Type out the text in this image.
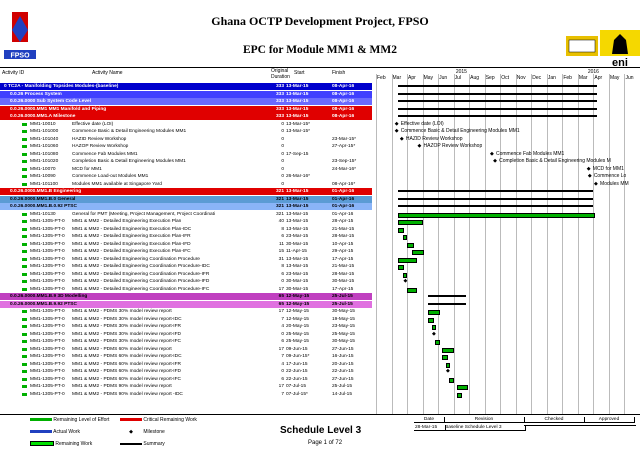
FPSO
Ghana OCTP Development Project, FPSO
EPC for Module MM1 & MM2
eni
Activity ID	Activity Name	Original Duration
Start	Finish	2015	2016
Feb Mar Apr May Jun Jul Aug Sep Oct Nov Dec Jan Feb Mar Apr May Jun
0 TC2A - Manifolding Topsides Modules-(baseline)	333 13-Mar-15	08-Apr-16
0.0.26 Process System	333 13-Mar-15	08-Apr-16
0.0.26.0000 Sub System Code Level	333 13-Mar-15	08-Apr-16
0.0.26.0000.MM1 MM1 Manifold and Piping	333 13-Mar-15	08-Apr-16
0.0.26.0000.MM1.A Milestone	333 13-Mar-15	08-Apr-16
MM1-10010	Effective date (LOI)	0 13-Mar-15*
MM1-101000	Commence Basic & Detail Engineering Modules MM1	0 13-Mar-15*
MM1-101040	HAZID Review Workshop	0	23-Mar-15*
MM1-101060	HAZOP Review Workshop	0	27-Apr-15*
MM1-101080	Commence Fab Modules MM1	0 17-Sep-15
MM1-101020	Completion Basic & Detail Engineering Modules MM1	0	23-Sep-15*
MM1-10070	MCD for MM1	0	24-Mar-16*
MM1-10090	Commence Load-out Modules MM1	0 26-Mar-16*
MM1-101100	Modules MM1 available at Singapore Yard	0	08-Apr-16*
0.0.26.0000.MM1.B Engineering	321 13-Mar-15	01-Apr-16
0.0.26.0000.MM1.B.0 General	321 13-Mar-15	01-Apr-16
0.0.26.0000.MM1.B.0.92 PTSC	321 13-Mar-15	01-Apr-16
MM1-10130	General for PMT (Meeting, Project Management, Project Coordinati	321 13-Mar-15	01-Apr-16
MM1-1305-PT-0	MM1 & MM2 - Detailed Engineering Execution Plan	40 13-Mar-15	28-Apr-15
MM1-1305-PT-0	MM1 & MM2 - Detailed Engineering Execution Plan-IDC	8 13-Mar-15	21-Mar-15
MM1-1305-PT-0	MM1 & MM2 - Detailed Engineering Execution Plan-IFR	6 23-Mar-15	28-Mar-15
MM1-1305-PT-0	MM1 & MM2 - Detailed Engineering Execution Plan-IFD	11 30-Mar-15	10-Apr-15
MM1-1305-PT-0	MM1 & MM2 - Detailed Engineering Execution Plan-IFC	15 11-Apr-15	29-Apr-15
MM1-1305-PT-0	MM1 & MM2 - Detailed Engineering Coordination Procedure	31 13-Mar-15	17-Apr-15
MM1-1305-PT-0	MM1 & MM2 - Detailed Engineering Coordination Procedure-IDC	8 13-Mar-15	21-Mar-15
MM1-1305-PT-0	MM1 & MM2 - Detailed Engineering Coordination Procedure-IFR	6 23-Mar-15	28-Mar-15
MM1-1305-PT-0	MM1 & MM2 - Detailed Engineering Coordination Procedure-IFD	0 30-Mar-15	30-Mar-15
MM1-1305-PT-0	MM1 & MM2 - Detailed Engineering Coordination Procedure-IFC	17 30-Mar-15	17-Apr-15
0.0.26.0000.MM1.B.9 3D Modelling	65 12-May-15	25-Jul-15
0.0.26.0000.MM1.B.9.92 PTSC	65 12-May-15	25-Jul-15
MM1-1305-PT-0	MM1 & MM2 - PDMS 30% model review report	17 12-May-15	30-May-15
MM1-1305-PT-0	MM1 & MM2 - PDMS 30% model review report-IDC	7 12-May-15	19-May-15
MM1-1305-PT-0	MM1 & MM2 - PDMS 30% model review report-IFR	4 20-May-15	23-May-15
MM1-1305-PT-0	MM1 & MM2 - PDMS 30% model review report-IFD	0 25-May-15	25-May-15
MM1-1305-PT-0	MM1 & MM2 - PDMS 30% model review report-IFC	6 25-May-15	30-May-15
MM1-1305-PT-0	MM1 & MM2 - PDMS 60% model review report	17 09-Jun-15	27-Jun-15
MM1-1305-PT-0	MM1 & MM2 - PDMS 60% model review report-IDC	7 09-Jun-15*	16-Jun-15
MM1-1305-PT-0	MM1 & MM2 - PDMS 60% model review report-IFR	4 17-Jun-15	20-Jun-15
MM1-1305-PT-0	MM1 & MM2 - PDMS 60% model review report-IFD	0 22-Jun-15	22-Jun-15
MM1-1305-PT-0	MM1 & MM2 - PDMS 60% model review report-IFC	6 22-Jun-15	27-Jun-15
MM1-1305-PT-0	MM1 & MM2 - PDMS 90% model review report	17 07-Jul-15	25-Jul-15
MM1-1305-PT-0	MM1 & MM2 - PDMS 90% model review report -IDC	7 07-Jul-15*	14-Jul-15
◆ Effective date (LOI)
◆ Commence Basic & Detail Engineering Modules MM1
◆ HAZID Review Workshop
◆ HAZOP Review Workshop
◆ Commence Fab Modules MM1
◆ Completion Basic & Detail Engineering Modules M
◆ MCD for MM1
◆ Commence Lo
◆ Modules MM
◆
◆
◆
Remaining Level of Effort
Actual Work
Remaining Work
Critical Remaining Work
◆ Milestone
Summary
Schedule Level 3
Page 1 of 72
Date
28-Mar-15
Revision
Baseline Schedule Level 3
Checked	Approved
